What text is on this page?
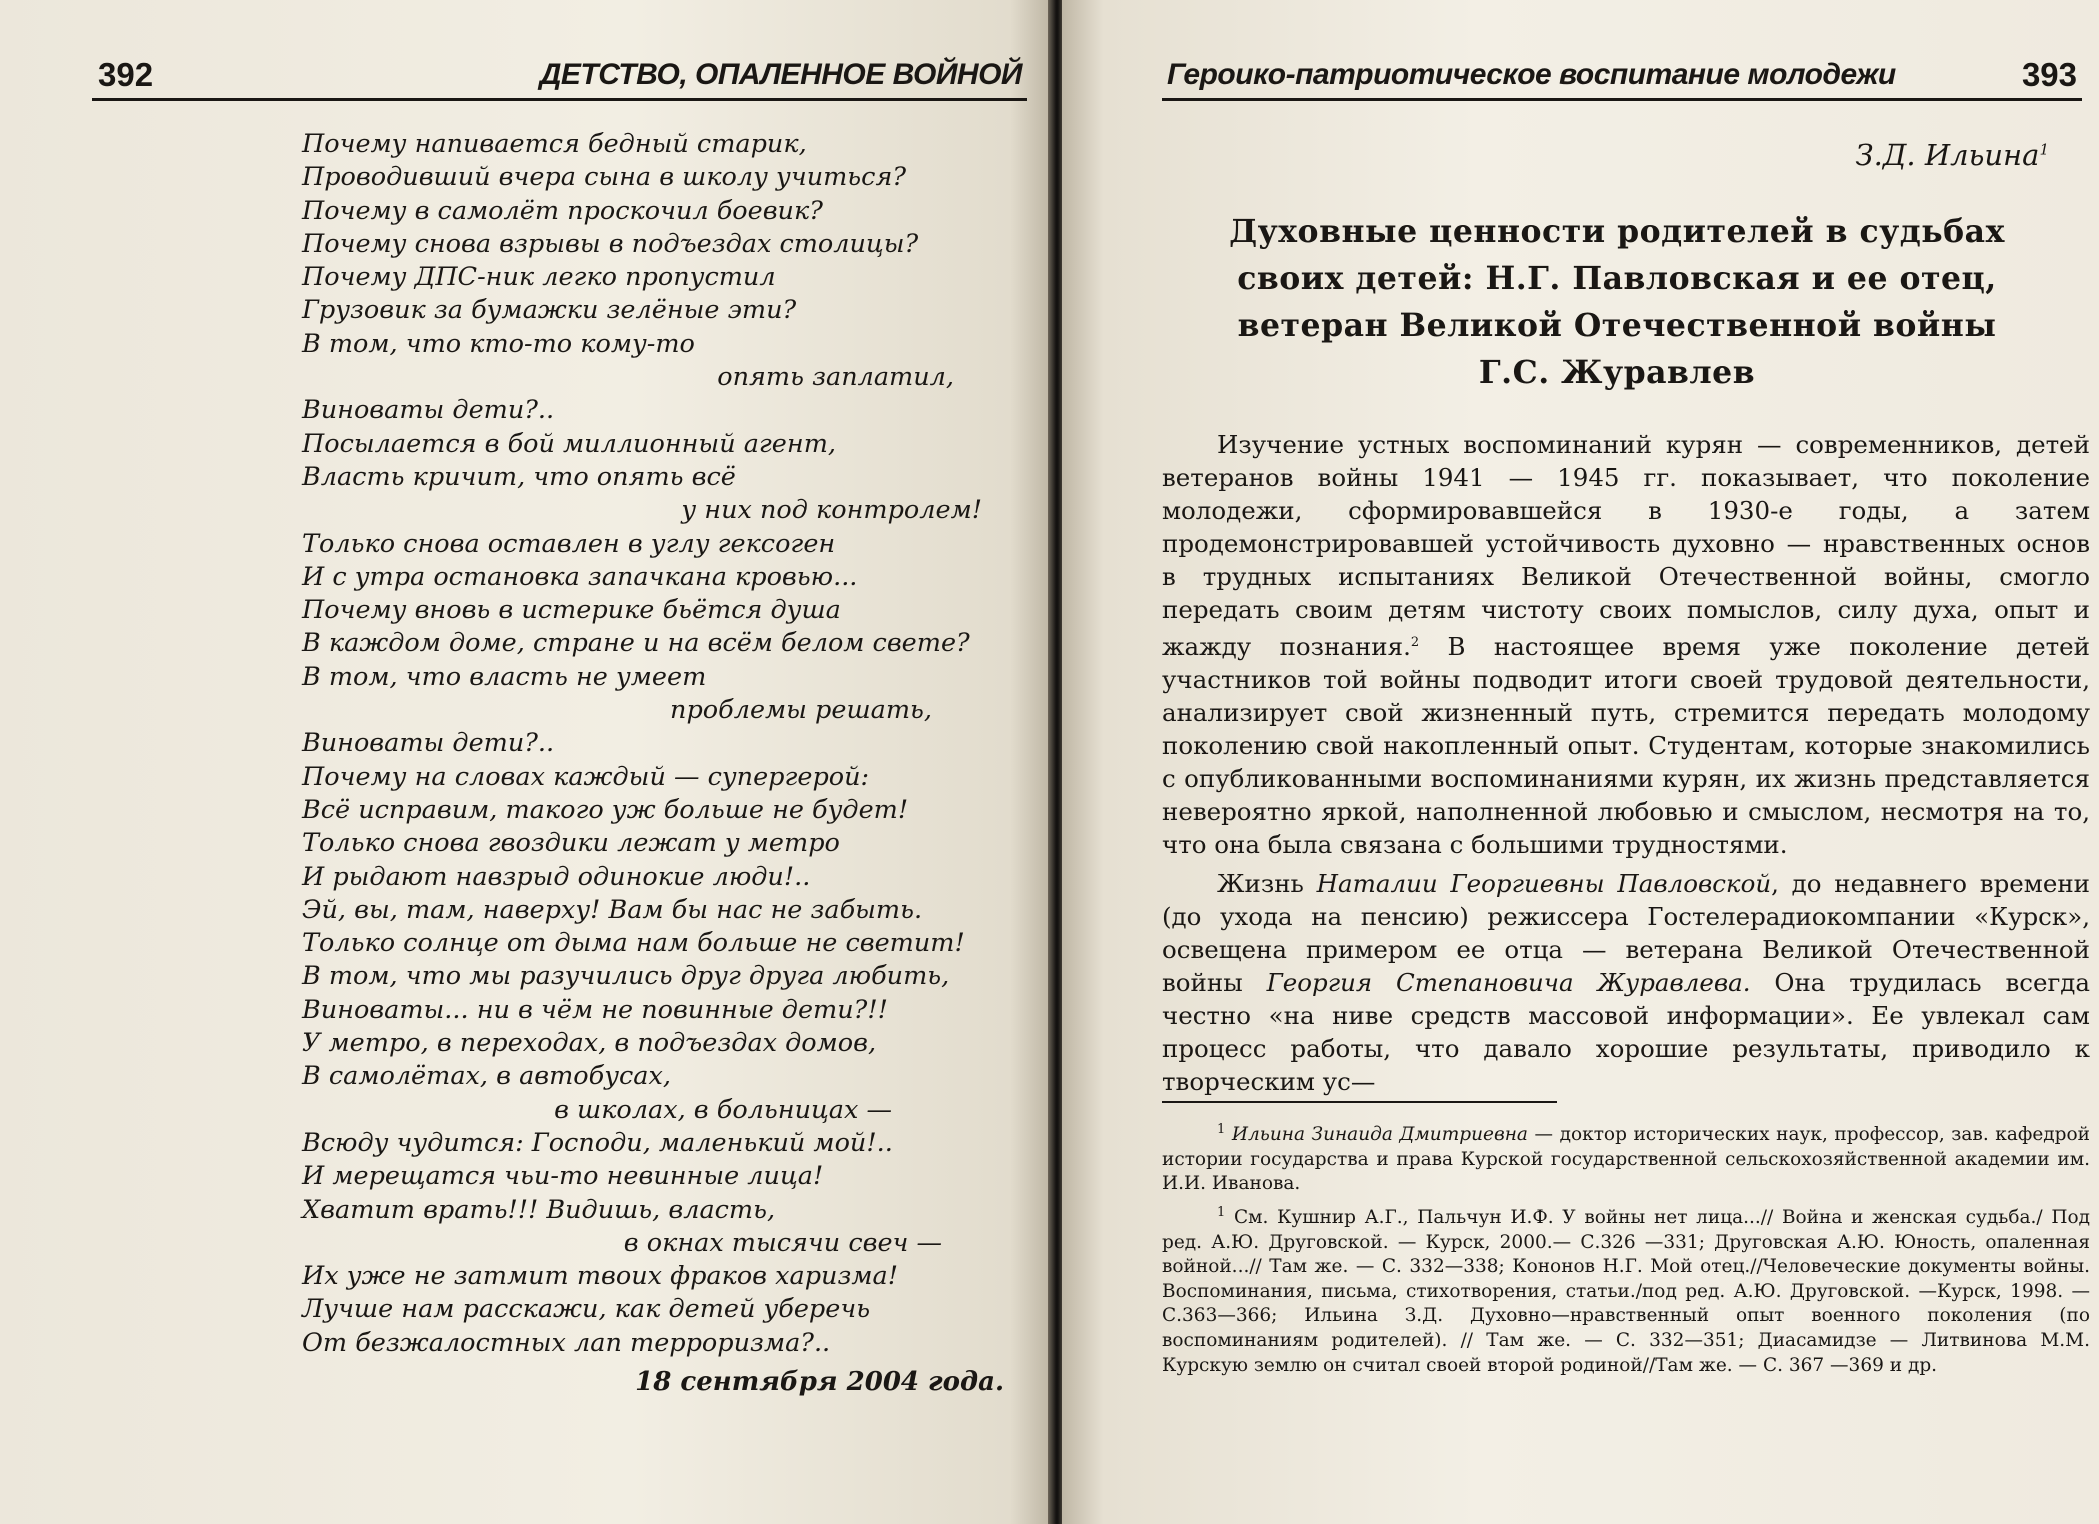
392	ДЕТСТВО, ОПАЛЕННОЕ ВОЙНОЙ
Почему напивается бедный старик,
Проводивший вчера сына в школу учиться?
Почему в самолёт проскочил боевик?
Почему снова взрывы в подъездах столицы?
Почему ДПС-ник легко пропустил
Грузовик за бумажки зелёные эти?
В том, что кто-то кому-то
опять заплатил,
Виноваты дети?..
Посылается в бой миллионный агент,
Власть кричит, что опять всё
у них под контролем!
Только снова оставлен в углу гексоген
И с утра остановка запачкана кровью...
Почему вновь в истерике бьётся душа
В каждом доме, стране и на всём белом свете?
В том, что власть не умеет
проблемы решать,
Виноваты дети?..
Почему на словах каждый — супергерой:
Всё исправим, такого уж больше не будет!
Только снова гвоздики лежат у метро
И рыдают навзрыд одинокие люди!..
Эй, вы, там, наверху! Вам бы нас не забыть.
Только солнце от дыма нам больше не светит!
В том, что мы разучились друг друга любить,
Виноваты... ни в чём не повинные дети?!!
У метро, в переходах, в подъездах домов,
В самолётах, в автобусах,
в школах, в больницах —
Всюду чудится: Господи, маленький мой!..
И мерещатся чьи-то невинные лица!
Хватит врать!!! Видишь, власть,
в окнах тысячи свеч —
Их уже не затмит твоих фраков харизма!
Лучше нам расскажи, как детей уберечь
От безжалостных лап терроризма?..
18 сентября 2004 года.
Героико-патриотическое воспитание молодежи	393
З.Д. Ильина$^1$
Духовные ценности родителей в судьбах
своих детей: Н.Г. Павловская и ее отец,
ветеран Великой Отечественной войны
Г.С. Журавлев

Изучение устных воспоминаний курян — современников, детей ветеранов войны 1941 — 1945 гг. показывает, что поколение молодежи, сформировавшейся в 1930-е годы, а затем продемонстрировавшей устойчивость духовно — нравственных основ в трудных испытаниях Великой Отечественной войны, смогло передать своим детям чистоту своих помыслов, силу духа, опыт и жажду познания.$^2$ В настоящее время уже поколение детей участников той войны подводит итоги своей трудовой деятельности, анализирует свой жизненный путь, стремится передать молодому поколению свой накопленный опыт. Студентам, которые знакомились с опубликованными воспоминаниями курян, их жизнь представляется невероятно яркой, наполненной любовью и смыслом, несмотря на то, что она была связана с большими трудностями.

Жизнь Наталии Георгиевны Павловской, до недавнего времени (до ухода на пенсию) режиссера Гостелерадиокомпании «Курск», освещена примером ее отца — ветерана Великой Отечественной войны Георгия Степановича Журавлева. Она трудилась всегда честно «на ниве средств массовой информации». Ее увлекал сам процесс работы, что давало хорошие результаты, приводило к творческим ус—

$^1$ Ильина Зинаида Дмитриевна — доктор исторических наук, профессор, зав. кафедрой истории государства и права Курской государственной сельскохозяйственной академии им. И.И. Иванова.

$^1$ См. Кушнир А.Г., Пальчун И.Ф. У войны нет лица...// Война и женская судьба./ Под ред. А.Ю. Друговской. — Курск, 2000.— С.326 —331; Друговская А.Ю. Юность, опаленная войной...// Там же. — С. 332—338; Кононов Н.Г. Мой отец.//Человеческие документы войны. Воспоминания, письма, стихотворения, статьи./под ред. А.Ю. Друговской. —Курск, 1998. — С.363—366; Ильина З.Д. Духовно—нравственный опыт военного поколения (по воспоминаниям родителей). // Там же. — С. 332—351; Диасамидзе — Литвинова М.М. Курскую землю он считал своей второй родиной//Там же. — С. 367 —369 и др.
